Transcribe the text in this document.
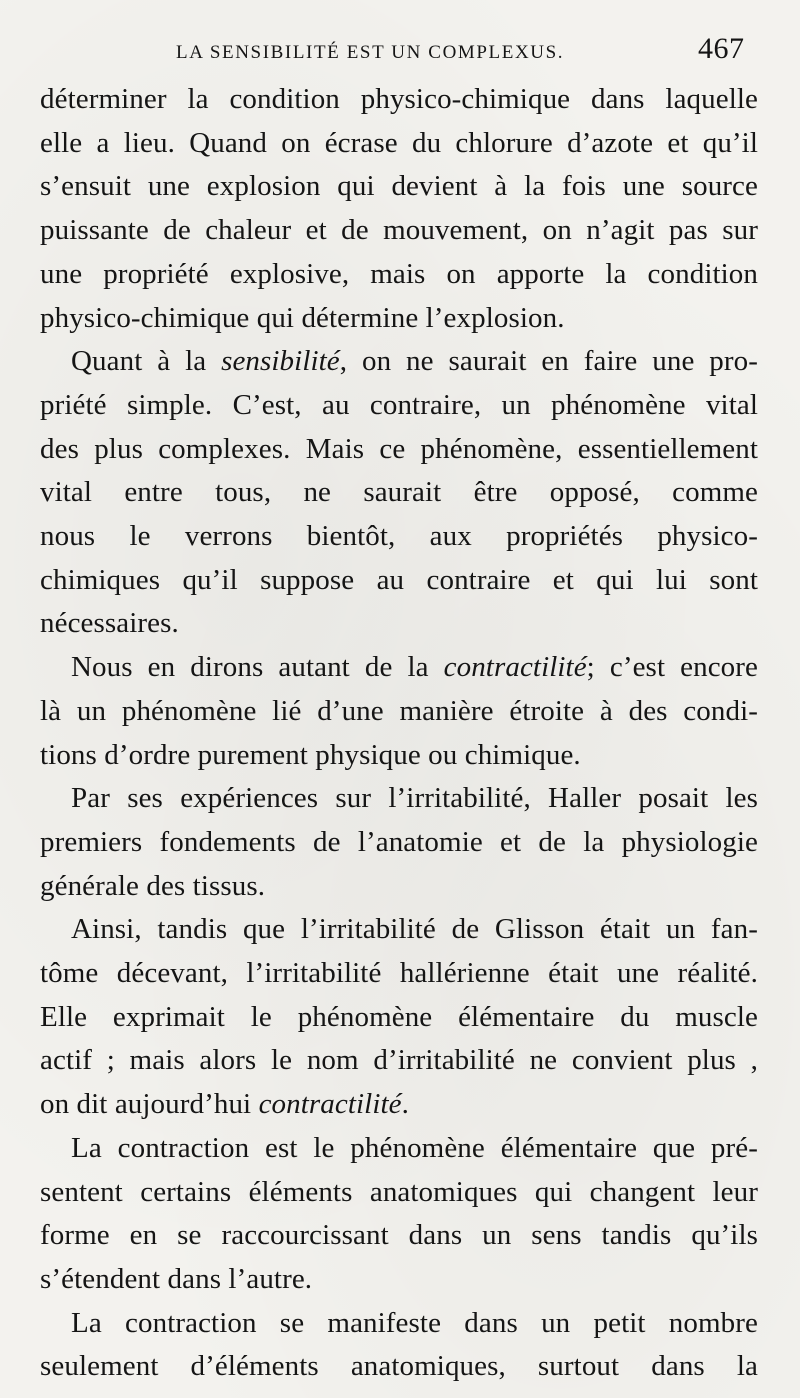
LA SENSIBILITÉ EST UN COMPLEXUS.	467
déterminer la condition physico-chimique dans laquelle
elle a lieu. Quand on écrase du chlorure d’azote et qu’il
s’ensuit une explosion qui devient à la fois une source
puissante de chaleur et de mouvement, on n’agit pas sur
une propriété explosive, mais on apporte la condition
physico-chimique qui détermine l’explosion.
Quant à la sensibilité, on ne saurait en faire une pro-
priété simple. C’est, au contraire, un phénomène vital
des plus complexes. Mais ce phénomène, essentiellement
vital entre tous, ne saurait être opposé, comme
nous le verrons bientôt, aux propriétés physico-
chimiques qu’il suppose au contraire et qui lui sont
nécessaires.
Nous en dirons autant de la contractilité; c’est encore
là un phénomène lié d’une manière étroite à des condi-
tions d’ordre purement physique ou chimique.
Par ses expériences sur l’irritabilité, Haller posait les
premiers fondements de l’anatomie et de la physiologie
générale des tissus.
Ainsi, tandis que l’irritabilité de Glisson était un fan-
tôme décevant, l’irritabilité hallérienne était une réalité.
Elle exprimait le phénomène élémentaire du muscle
actif ; mais alors le nom d’irritabilité ne convient plus ,
on dit aujourd’hui contractilité.
La contraction est le phénomène élémentaire que pré-
sentent certains éléments anatomiques qui changent leur
forme en se raccourcissant dans un sens tandis qu’ils
s’étendent dans l’autre.
La contraction se manifeste dans un petit nombre
seulement d’éléments anatomiques, surtout dans la
